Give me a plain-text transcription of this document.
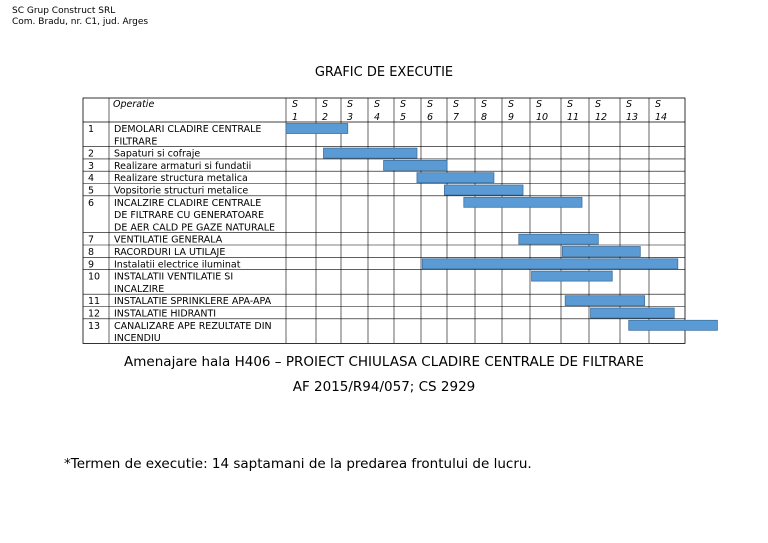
SC Grup Construct SRL
Com. Bradu, nr. C1, jud. Arges
GRAFIC DE EXECUTIE
Operatie	S
1
S
2
S
3
S
4
S
5
S
6
S
7
S
8
S
9
S
10
S
11
S
12
S
13
S
14
1 DEMOLARI CLADIRE CENTRALE
FILTRARE
2 Sapaturi si cofraje
3 Realizare armaturi si fundatii
4 Realizare structura metalica
5 Vopsitorie structuri metalice
6 INCALZIRE CLADIRE CENTRALE
DE FILTRARE CU GENERATOARE
DE AER CALD PE GAZE NATURALE
7 VENTILATIE GENERALA
8 RACORDURI LA UTILAJE
9 Instalatii electrice iluminat
10 INSTALATII VENTILATIE SI
INCALZIRE
11 INSTALATIE SPRINKLERE APA-APA
12 INSTALATIE HIDRANTI
13 CANALIZARE APE REZULTATE DIN
INCENDIU
Amenajare hala H406 – PROIECT CHIULASA CLADIRE CENTRALE DE FILTRARE
AF 2015/R94/057; CS 2929
*Termen de executie: 14 saptamani de la predarea frontului de lucru.
